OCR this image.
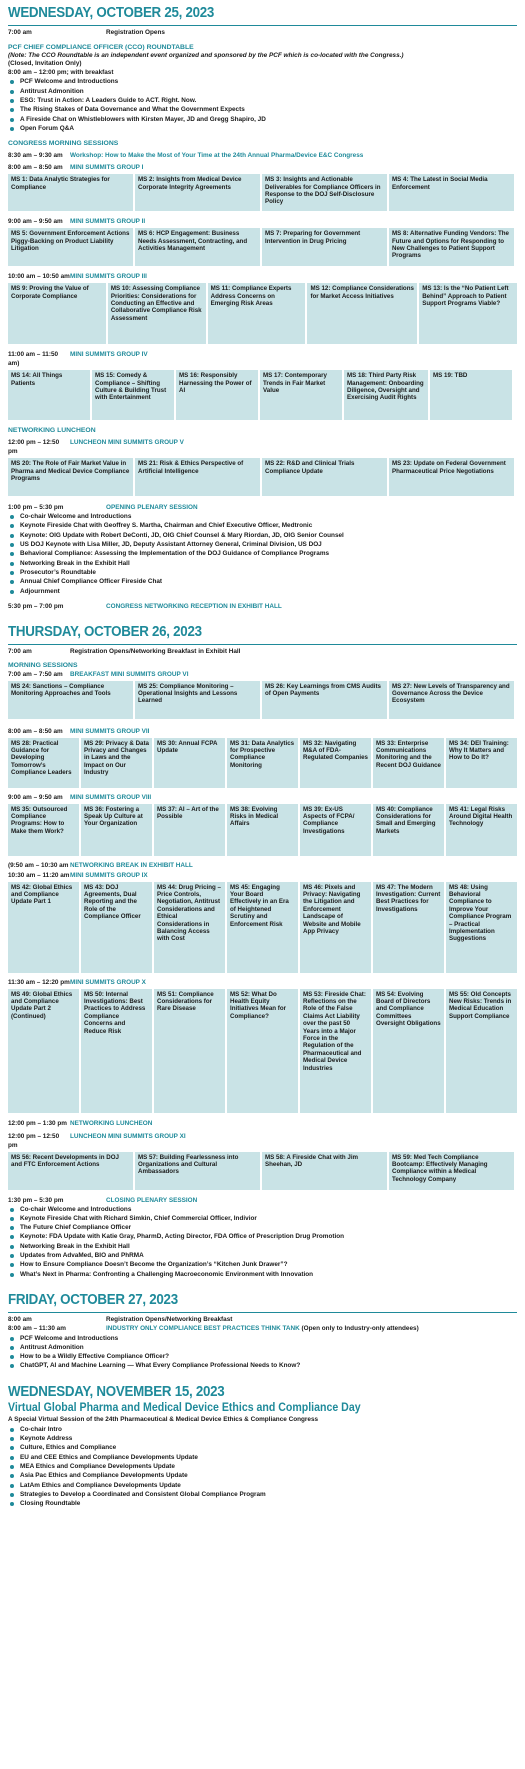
WEDNESDAY, OCTOBER 25, 2023
7:00 am	Registration Opens
PCF CHIEF COMPLIANCE OFFICER (CCO) ROUNDTABLE
(Note: The CCO Roundtable is an independent event organized and sponsored by the PCF which is co-located with the Congress.)
(Closed, Invitation Only)
8:00 am – 12:00 pm; with breakfast
PCF Welcome and Introductions
Antitrust Admonition
ESG: Trust in Action: A Leaders Guide to ACT. Right. Now.
The Rising Stakes of Data Governance and What the Government Expects
A Fireside Chat on Whistleblowers with Kirsten Mayer, JD and Gregg Shapiro, JD
Open Forum Q&A
CONGRESS MORNING SESSIONS
8:30 am – 9:30 am	Workshop: How to Make the Most of Your Time at the 24th Annual Pharma/Device E&C Congress
8:00 am – 8:50 am	MINI SUMMITS GROUP I
MS 1: Data Analytic Strategies for Compliance
MS 2: Insights from Medical Device Corporate Integrity Agreements
MS 3: Insights and Actionable Deliverables for Compliance Officers in Response to the DOJ Self-Disclosure Policy
MS 4: The Latest in Social Media Enforcement
9:00 am – 9:50 am	MINI SUMMITS GROUP II
MS 5: Government Enforcement Actions Piggy-Backing on Product Liability Litigation
MS 6: HCP Engagement: Business Needs Assessment, Contracting, and Activities Management
MS 7: Preparing for Government Intervention in Drug Pricing
MS 8: Alternative Funding Vendors: The Future and Options for Responding to New Challenges to Patient Support Programs
10:00 am – 10:50 am MINI SUMMITS GROUP III
MS 9: Proving the Value of Corporate Compliance
MS 10: Assessing Compliance Priorities: Considerations for Conducting an Effective and Collaborative Compliance Risk Assessment
MS 11: Compliance Experts Address Concerns on Emerging Risk Areas
MS 12: Compliance Considerations for Market Access Initiatives
MS 13: Is the “No Patient Left Behind” Approach to Patient Support Programs Viable?
11:00 am – 11:50 am)
MINI SUMMITS GROUP IV
MS 14: All Things Patients
MS 15: Comedy & Compliance – Shifting Culture & Building Trust with Entertainment
MS 16: Responsibly Harnessing the Power of AI
MS 17: Contemporary Trends in Fair Market Value
MS 18: Third Party Risk Management: Onboarding Diligence, Oversight and Exercising Audit Rights
MS 19: TBD
NETWORKING LUNCHEON
12:00 pm – 12:50 pm
LUNCHEON MINI SUMMITS GROUP V
MS 20: The Role of Fair Market Value in Pharma and Medical Device Compliance Programs
MS 21: Risk & Ethics Perspective of Artificial Intelligence
MS 22: R&D and Clinical Trials Compliance Update
MS 23: Update on Federal Government Pharmaceutical Price Negotiations
1:00 pm – 5:30 pm	OPENING PLENARY SESSION
Co-chair Welcome and Introductions
Keynote Fireside Chat with Geoffrey S. Martha, Chairman and Chief Executive Officer, Medtronic
Keynote: OIG Update with Robert DeConti, JD, OIG Chief Counsel & Mary Riordan, JD, OIG Senior Counsel
US DOJ Keynote with Lisa Miller, JD, Deputy Assistant Attorney General, Criminal Division, US DOJ
Behavioral Compliance: Assessing the Implementation of the DOJ Guidance of Compliance Programs
Networking Break in the Exhibit Hall
Prosecutor’s Roundtable
Annual Chief Compliance Officer Fireside Chat
Adjournment
5:30 pm – 7:00 pm	CONGRESS NETWORKING RECEPTION IN EXHIBIT HALL
THURSDAY, OCTOBER 26, 2023
7:00 am	Registration Opens/Networking Breakfast in Exhibit Hall
MORNING SESSIONS
7:00 am – 7:50 am	BREAKFAST MINI SUMMITS GROUP VI
MS 24: Sanctions – Compliance Monitoring Approaches and Tools
MS 25: Compliance Monitoring – Operational Insights and Lessons Learned
MS 26: Key Learnings from CMS Audits of Open Payments
MS 27: New Levels of Transparency and Governance Across the Device Ecosystem
8:00 am – 8:50 am	MINI SUMMITS GROUP VII
MS 28: Practical Guidance for Developing Tomorrow’s Compliance Leaders
MS 29: Privacy & Data Privacy and Changes in Laws and the Impact on Our Industry
MS 30: Annual FCPA Update
MS 31: Data Analytics for Prospective Compliance Monitoring
MS 32: Navigating M&A of FDA-Regulated Companies
MS 33: Enterprise Communications Monitoring and the Recent DOJ Guidance
MS 34: DEI Training: Why It Matters and How to Do It?
9:00 am – 9:50 am	MINI SUMMITS GROUP VIII
MS 35: Outsourced Compliance Programs: How to Make them Work?
MS 36: Fostering a Speak Up Culture at Your Organization
MS 37: AI – Art of the Possible
MS 38: Evolving Risks in Medical Affairs
MS 39: Ex-US Aspects of FCPA/ Compliance Investigations
MS 40: Compliance Considerations for Small and Emerging Markets
MS 41: Legal Risks Around Digital Health Technology
(9:50 am – 10:30 am NETWORKING BREAK IN EXHIBIT HALL
10:30 am – 11:20 am MINI SUMMITS GROUP IX
MS 42: Global Ethics and Compliance Update Part 1
MS 43: DOJ Agreements, Dual Reporting and the Role of the Compliance Officer
MS 44: Drug Pricing – Price Controls, Negotiation, Antitrust Considerations and Ethical Considerations in Balancing Access with Cost
MS 45: Engaging Your Board Effectively in an Era of Heightened Scrutiny and Enforcement Risk
MS 46: Pixels and Privacy: Navigating the Litigation and Enforcement Landscape of Website and Mobile App Privacy
MS 47: The Modern Investigation: Current Best Practices for Investigations
MS 48: Using Behavioral Compliance to Improve Your Compliance Program – Practical Implementation Suggestions
11:30 am – 12:20 pm MINI SUMMITS GROUP X
MS 49: Global Ethics and Compliance Update Part 2 (Continued)
MS 50: Internal Investigations: Best Practices to Address Compliance Concerns and Reduce Risk
MS 51: Compliance Considerations for Rare Disease
MS 52: What Do Health Equity Initiatives Mean for Compliance?
MS 53: Fireside Chat: Reflections on the Role of the False Claims Act Liability over the past 50 Years into a Major Force in the Regulation of the Pharmaceutical and Medical Device Industries
MS 54: Evolving Board of Directors and Compliance Committees Oversight Obligations
MS 55: Old Concepts New Risks: Trends in Medical Education Support Compliance
12:00 pm – 1:30 pm NETWORKING LUNCHEON
12:00 pm – 12:50 pm
LUNCHEON MINI SUMMITS GROUP XI
MS 56: Recent Developments in DOJ and FTC Enforcement Actions
MS 57: Building Fearlessness into Organizations and Cultural Ambassadors
MS 58: A Fireside Chat with Jim Sheehan, JD
MS 59: Med Tech Compliance Bootcamp: Effectively Managing Compliance within a Medical Technology Company
1:30 pm – 5:30 pm	CLOSING PLENARY SESSION
Co-chair Welcome and Introductions
Keynote Fireside Chat with Richard Simkin, Chief Commercial Officer, Indivior
The Future Chief Compliance Officer
Keynote: FDA Update with Katie Gray, PharmD, Acting Director, FDA Office of Prescription Drug Promotion
Networking Break in the Exhibit Hall
Updates from AdvaMed, BIO and PhRMA
How to Ensure Compliance Doesn’t Become the Organization’s “Kitchen Junk Drawer”?
What’s Next in Pharma: Confronting a Challenging Macroeconomic Environment with Innovation
FRIDAY, OCTOBER 27, 2023
8:00 am	Registration Opens/Networking Breakfast
8:00 am – 11:30 am	INDUSTRY ONLY COMPLIANCE BEST PRACTICES THINK TANK (Open only to Industry-only attendees)
PCF Welcome and Introductions
Antitrust Admonition
How to be a Wildly Effective Compliance Officer?
ChatGPT, AI and Machine Learning — What Every Compliance Professional Needs to Know?
WEDNESDAY, NOVEMBER 15, 2023
Virtual Global Pharma and Medical Device Ethics and Compliance Day
A Special Virtual Session of the 24th Pharmaceutical & Medical Device Ethics & Compliance Congress
Co-chair Intro
Keynote Address
Culture, Ethics and Compliance
EU and CEE Ethics and Compliance Developments Update
MEA Ethics and Compliance Developments Update
Asia Pac Ethics and Compliance Developments Update
LatAm Ethics and Compliance Developments Update
Strategies to Develop a Coordinated and Consistent Global Compliance Program
Closing Roundtable
